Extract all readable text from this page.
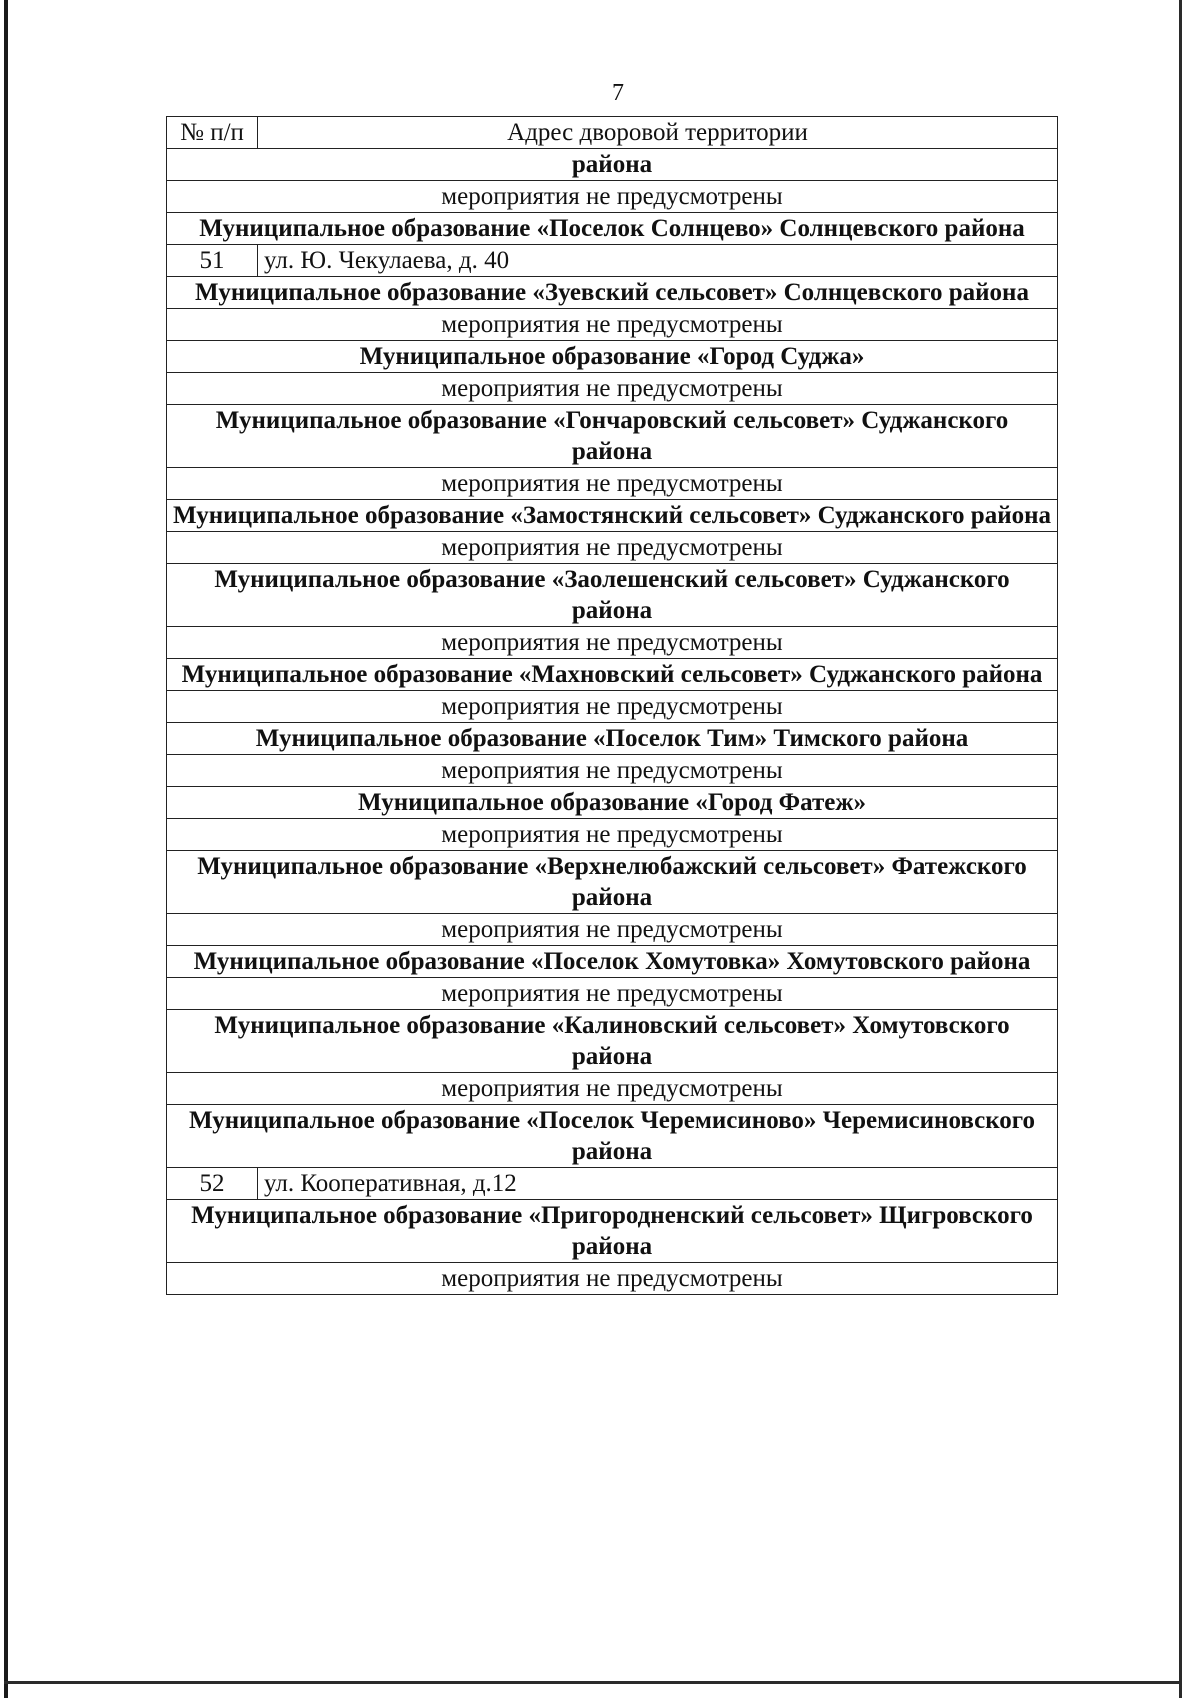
7
№ п/п	Адрес дворовой территории
района	
мероприятия не предусмотрены	
Муниципальное образование «Поселок Солнцево» Солнцевского района	
51	ул. Ю. Чекулаева, д. 40
Муниципальное образование «Зуевский сельсовет» Солнцевского района	
мероприятия не предусмотрены	
Муниципальное образование «Город Суджа»	
мероприятия не предусмотрены	
Муниципальное образование «Гончаровский сельсовет» Суджанского района	
мероприятия не предусмотрены	
Муниципальное образование «Замостянский сельсовет» Суджанского района	
мероприятия не предусмотрены	
Муниципальное образование «Заолешенский сельсовет» Суджанского района	
мероприятия не предусмотрены	
Муниципальное образование «Махновский сельсовет» Суджанского района	
мероприятия не предусмотрены	
Муниципальное образование «Поселок Тим» Тимского района	
мероприятия не предусмотрены	
Муниципальное образование «Город Фатеж»	
мероприятия не предусмотрены	
Муниципальное образование «Верхнелюбажский сельсовет» Фатежского района	
мероприятия не предусмотрены	
Муниципальное образование «Поселок Хомутовка» Хомутовского района	
мероприятия не предусмотрены	
Муниципальное образование «Калиновский сельсовет» Хомутовского района	
мероприятия не предусмотрены	
Муниципальное образование «Поселок Черемисиново» Черемисиновского района	
52	ул. Кооперативная, д.12
Муниципальное образование «Пригородненский сельсовет» Щигровского района	
мероприятия не предусмотрены	
